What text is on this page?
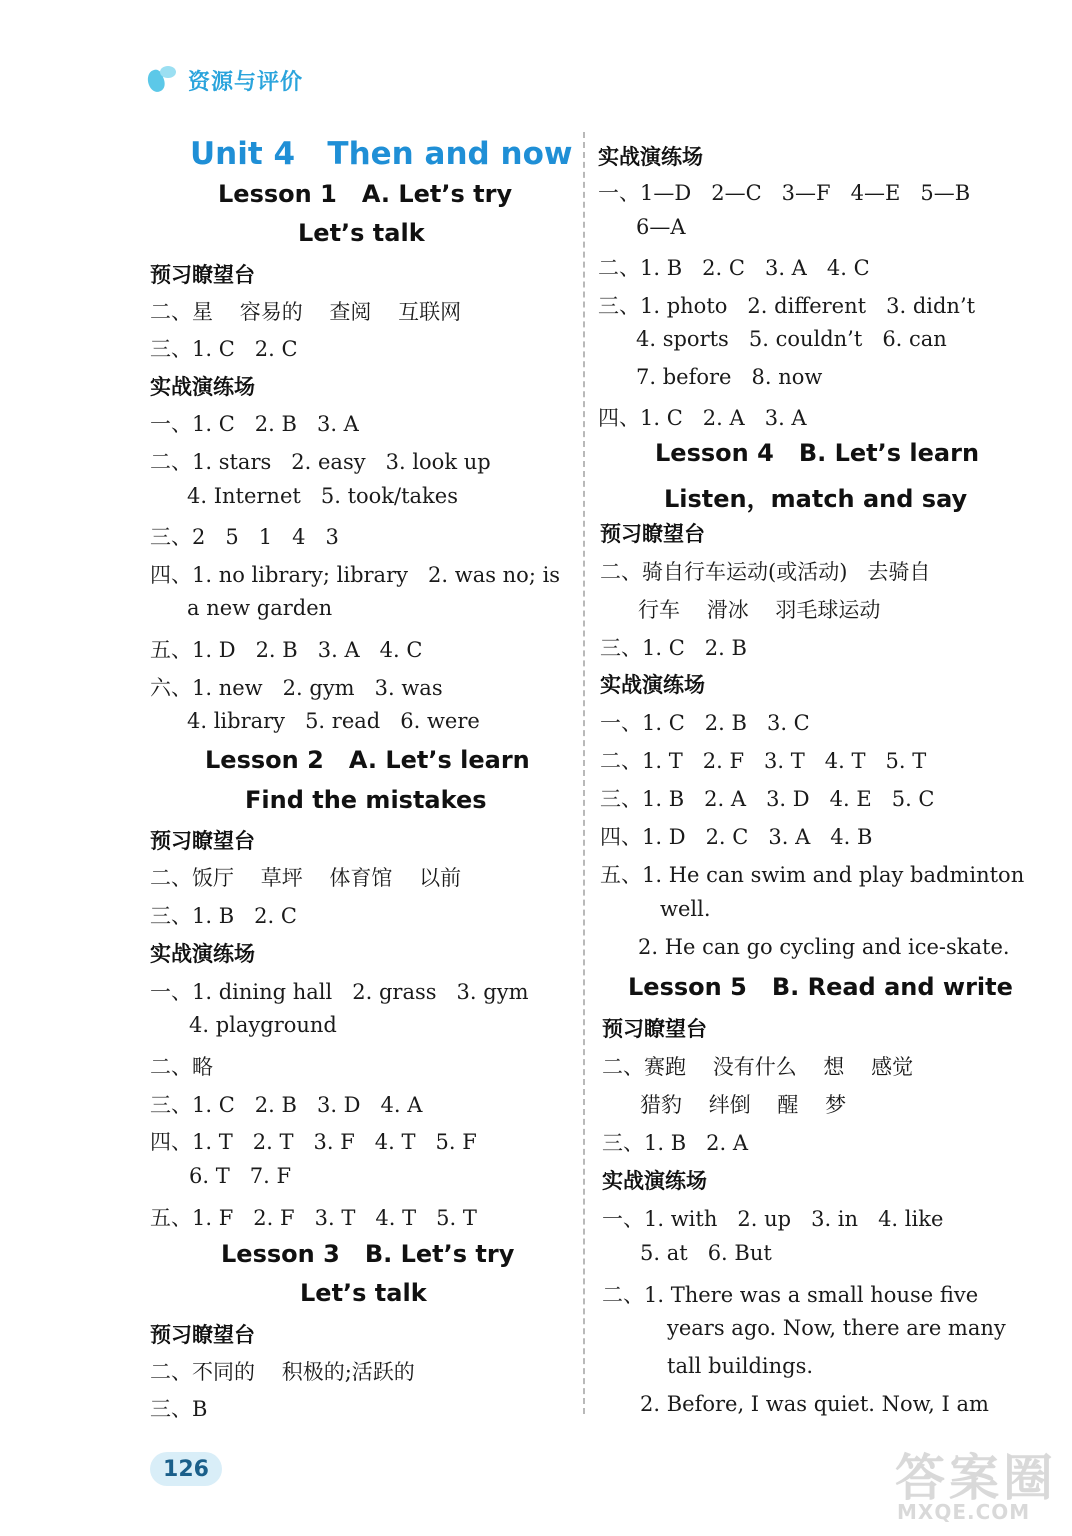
资源与评价
Unit 4   Then and now
Lesson 1   A. Let’s try
Let’s talk
预习瞭望台
二、星    容易的    查阅    互联网
三、1. C   2. C
实战演练场
一、1. C   2. B   3. A
二、1. stars   2. easy   3. look up
4. Internet   5. took/takes
三、2   5   1   4   3
四、1. no library; library   2. was no; is
a new garden
五、1. D   2. B   3. A   4. C
六、1. new   2. gym   3. was
4. library   5. read   6. were
Lesson 2   A. Let’s learn
Find the mistakes
预习瞭望台
二、饭厅    草坪    体育馆    以前
三、1. B   2. C
实战演练场
一、1. dining hall   2. grass   3. gym
4. playground
二、略
三、1. C   2. B   3. D   4. A
四、1. T   2. T   3. F   4. T   5. F
6. T   7. F
五、1. F   2. F   3. T   4. T   5. T
Lesson 3   B. Let’s try
Let’s talk
预习瞭望台
二、不同的    积极的;活跃的
三、B
实战演练场
一、1—D   2—C   3—F   4—E   5—B
6—A
二、1. B   2. C   3. A   4. C
三、1. photo   2. different   3. didn’t
4. sports   5. couldn’t   6. can
7. before   8. now
四、1. C   2. A   3. A
Lesson 4   B. Let’s learn
Listen，match and say
预习瞭望台
二、骑自行车运动(或活动)   去骑自
行车    滑冰    羽毛球运动
三、1. C   2. B
实战演练场
一、1. C   2. B   3. C
二、1. T   2. F   3. T   4. T   5. T
三、1. B   2. A   3. D   4. E   5. C
四、1. D   2. C   3. A   4. B
五、1. He can swim and play badminton
well.
2. He can go cycling and ice-skate.
Lesson 5   B. Read and write
预习瞭望台
二、赛跑    没有什么    想    感觉
猎豹    绊倒    醒    梦
三、1. B   2. A
实战演练场
一、1. with   2. up   3. in   4. like
5. at   6. But
二、1. There was a small house five
years ago. Now, there are many
tall buildings.
2. Before, I was quiet. Now, I am
126	答案圈
MXQE.COM
